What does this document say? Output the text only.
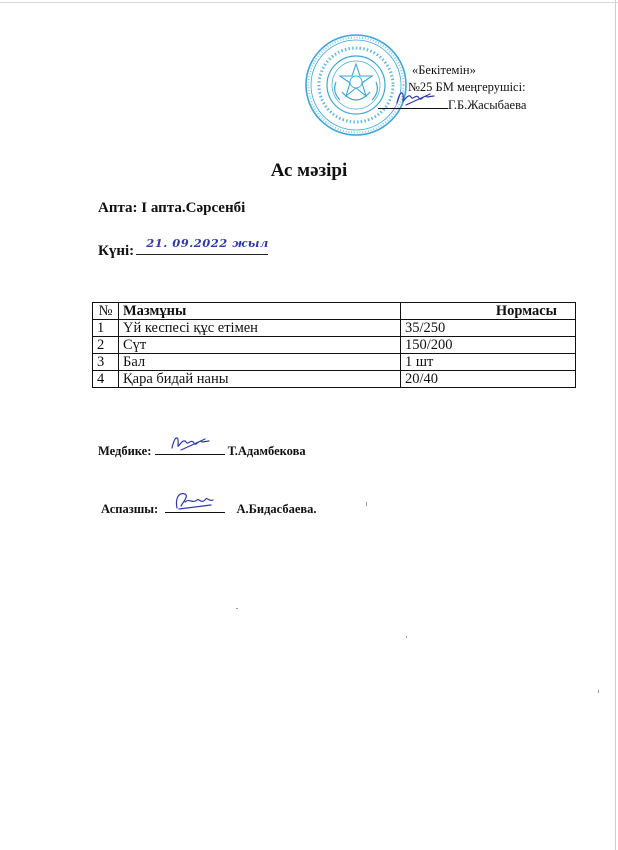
«Бекітемін»
№25 БМ меңгерушісі:
Г.Б.Жасыбаева
Ас мәзірі
Апта: I апта.Сәрсенбі
Күні: 21. 09.2022 жыл
№	Мазмұны	Нормасы
1	Үй кеспесі құс етімен	35/250
2	Сүт	150/200
3	Бал	1 шт
4	Қара бидай наны	20/40
Медбике:	Т.Адамбекова
Аспазшы:	А.Бидасбаева.
